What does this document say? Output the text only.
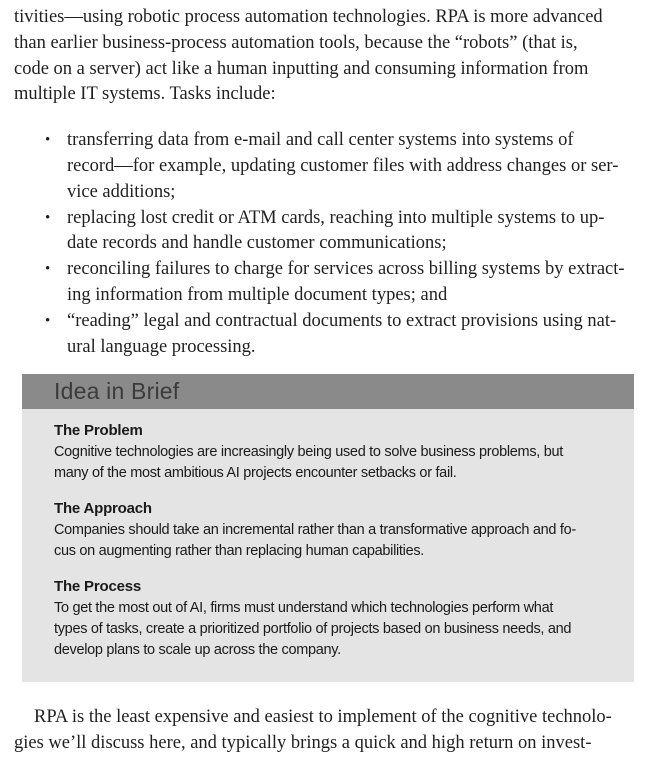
tivities—using robotic process automation technologies. RPA is more advanced
than earlier business-process automation tools, because the “robots” (that is,
code on a server) act like a human inputting and consuming information from
multiple IT systems. Tasks include:

• transferring data from e-mail and call center systems into systems of
record—for example, updating customer files with address changes or ser-
vice additions;
• replacing lost credit or ATM cards, reaching into multiple systems to up-
date records and handle customer communications;
• reconciling failures to charge for services across billing systems by extract-
ing information from multiple document types; and
• “reading” legal and contractual documents to extract provisions using nat-
ural language processing.
Idea in Brief

The Problem

Cognitive technologies are increasingly being used to solve business problems, but
many of the most ambitious AI projects encounter setbacks or fail.

The Approach

Companies should take an incremental rather than a transformative approach and fo-
cus on augmenting rather than replacing human capabilities.

The Process

To get the most out of AI, firms must understand which technologies perform what
types of tasks, create a prioritized portfolio of projects based on business needs, and
develop plans to scale up across the company.

RPA is the least expensive and easiest to implement of the cognitive technolo-
gies we’ll discuss here, and typically brings a quick and high return on invest-
